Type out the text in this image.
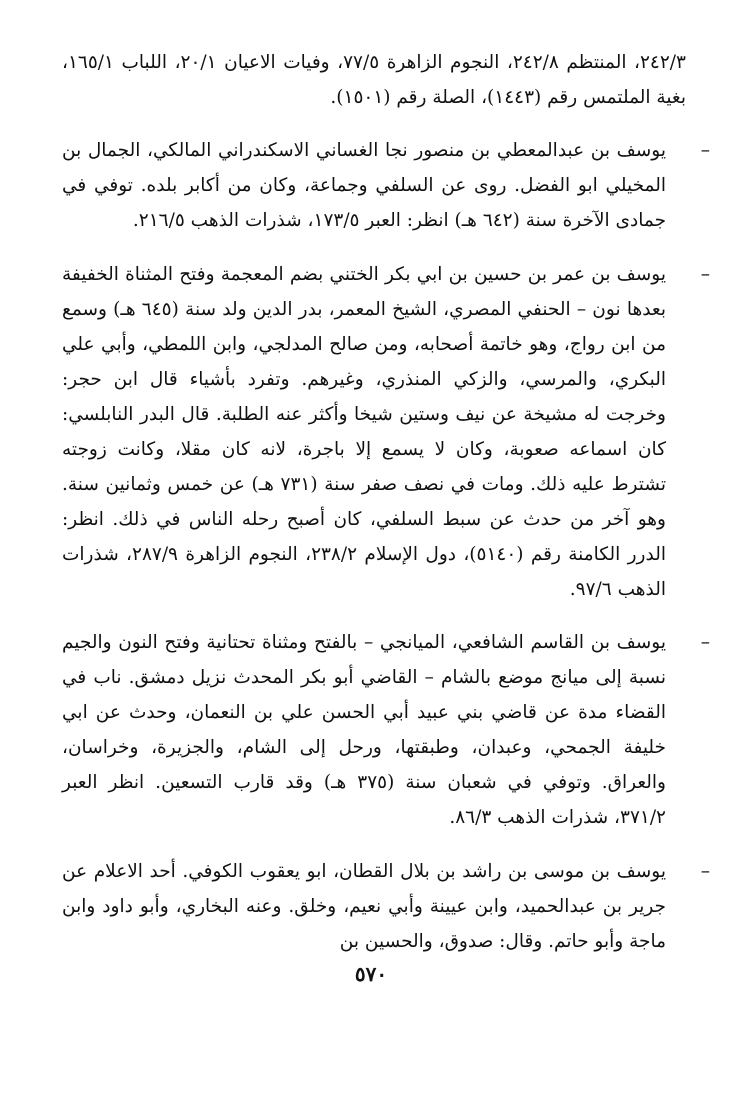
٢٤٢/٣، المنتظم ٢٤٢/٨، النجوم الزاهرة ٧٧/٥، وفيات الاعيان ٢٠/١، اللباب ١٦٥/١، بغية الملتمس رقم (١٤٤٣)، الصلة رقم (١٥٠١).

–
يوسف بن عبدالمعطي بن منصور نجا الغساني الاسكندراني المالكي، الجمال بن المخيلي ابو الفضل. روى عن السلفي وجماعة، وكان من أكابر بلده. توفي في جمادى الآخرة سنة (٦٤٢ هـ) انظر: العبر ١٧٣/٥، شذرات الذهب ٢١٦/٥.

–
يوسف بن عمر بن حسين بن ابي بكر الختني بضم المعجمة وفتح المثناة الخفيفة بعدها نون – الحنفي المصري، الشيخ المعمر، بدر الدين ولد سنة (٦٤٥ هـ) وسمع من ابن رواج، وهو خاتمة أصحابه، ومن صالح المدلجي، وابن اللمطي، وأبي علي البكري، والمرسي، والزكي المنذري، وغيرهم. وتفرد بأشياء قال ابن حجر: وخرجت له مشيخة عن نيف وستين شيخا وأكثر عنه الطلبة. قال البدر النابلسي: كان اسماعه صعوبة، وكان لا يسمع إلا باجرة، لانه كان مقلا، وكانت زوجته تشترط عليه ذلك. ومات في نصف صفر سنة (٧٣١ هـ) عن خمس وثمانين سنة. وهو آخر من حدث عن سبط السلفي، كان أصبح رحله الناس في ذلك. انظر: الدرر الكامنة رقم (٥١٤٠)، دول الإسلام ٢٣٨/٢، النجوم الزاهرة ٢٨٧/٩، شذرات الذهب ٩٧/٦.

–
يوسف بن القاسم الشافعي، الميانجي – بالفتح ومثناة تحتانية وفتح النون والجيم نسبة إلى ميانج موضع بالشام – القاضي أبو بكر المحدث نزيل دمشق. ناب في القضاء مدة عن قاضي بني عبيد أبي الحسن علي بن النعمان، وحدث عن ابي خليفة الجمحي، وعبدان، وطبقتها، ورحل إلى الشام، والجزيرة، وخراسان، والعراق. وتوفي في شعبان سنة (٣٧٥ هـ) وقد قارب التسعين. انظر العبر ٣٧١/٢، شذرات الذهب ٨٦/٣.

–
يوسف بن موسى بن راشد بن بلال القطان، ابو يعقوب الكوفي. أحد الاعلام عن جرير بن عبدالحميد، وابن عيينة وأبي نعيم، وخلق. وعنه البخاري، وأبو داود وابن ماجة وأبو حاتم. وقال: صدوق، والحسين بن

٥٧٠
